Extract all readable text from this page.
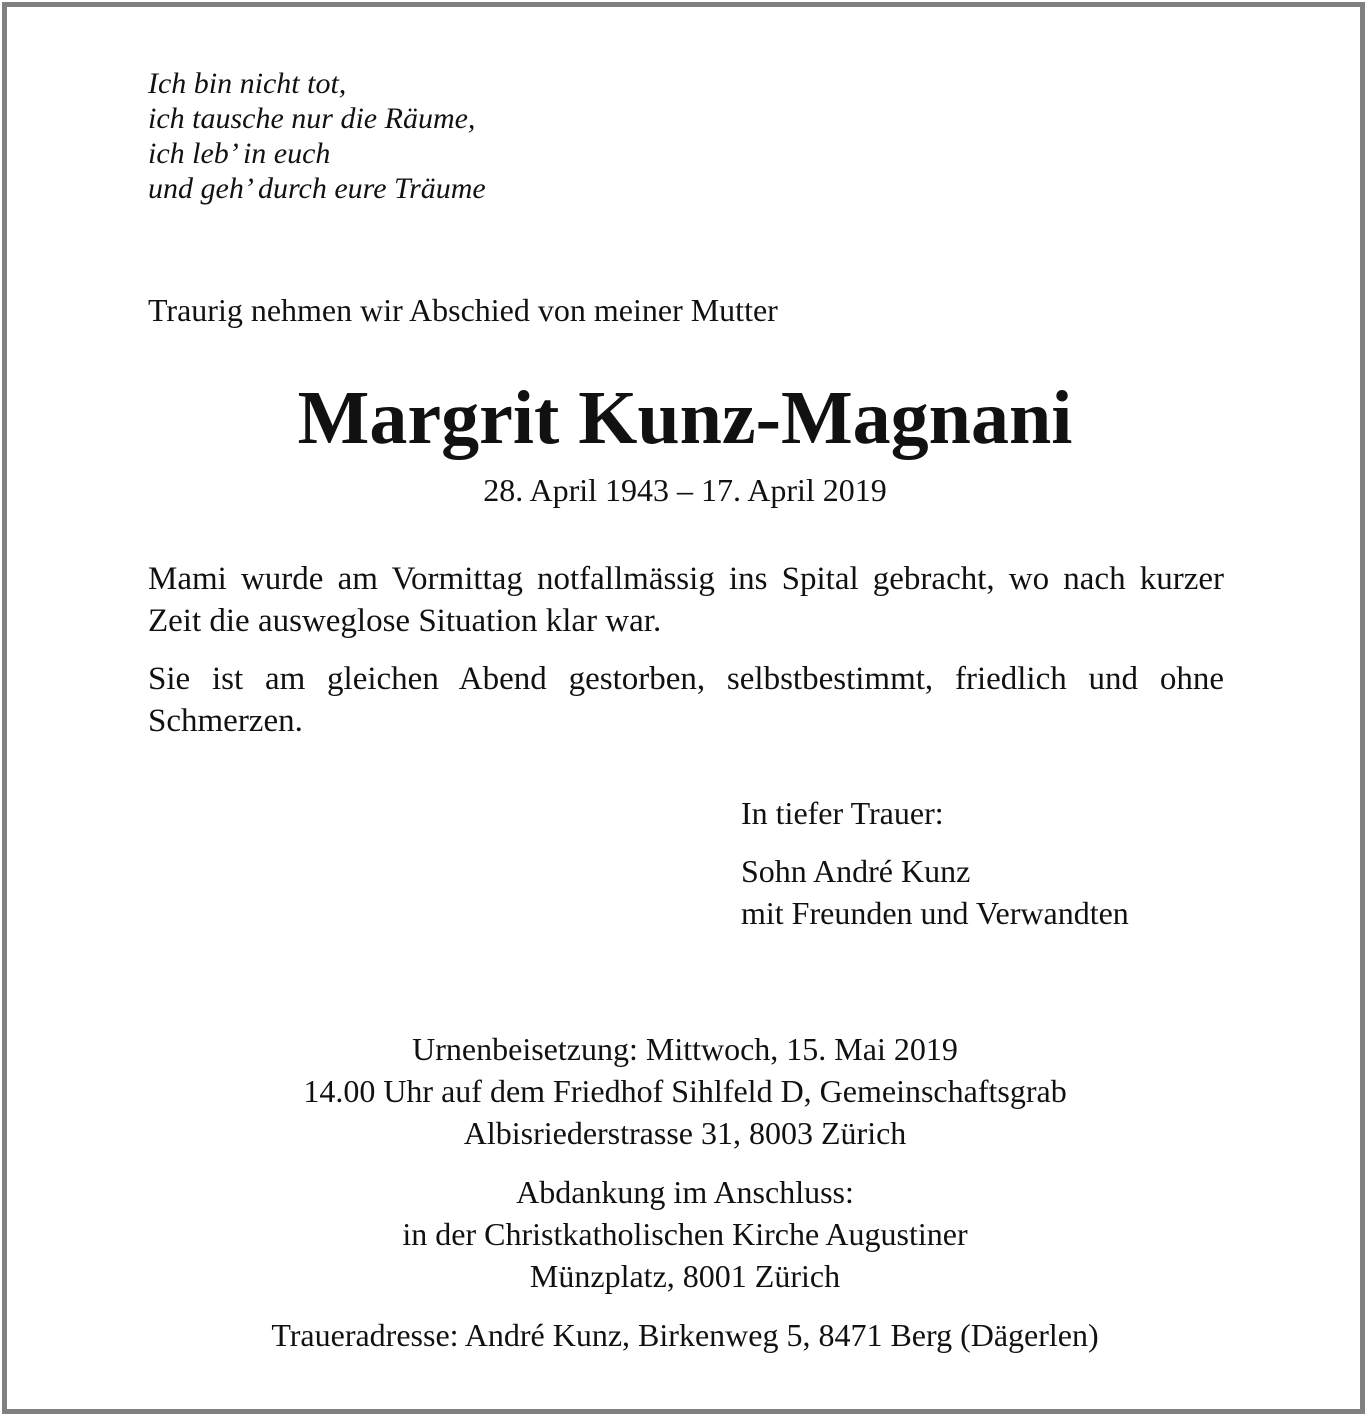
Ich bin nicht tot,
ich tausche nur die Räume,
ich leb’ in euch
und geh’ durch eure Träume
Traurig nehmen wir Abschied von meiner Mutter
Margrit Kunz-Magnani
28. April 1943 – 17. April 2019
Mami wurde am Vormittag notfallmässig ins Spital gebracht, wo nach kurzer Zeit die ausweglose Situation klar war.
Sie ist am gleichen Abend gestorben, selbstbestimmt, friedlich und ohne Schmerzen.
In tiefer Trauer:
Sohn André Kunz
mit Freunden und Verwandten
Urnenbeisetzung: Mittwoch, 15. Mai 2019
14.00 Uhr auf dem Friedhof Sihlfeld D, Gemeinschaftsgrab
Albisriederstrasse 31, 8003 Zürich
Abdankung im Anschluss:
in der Christkatholischen Kirche Augustiner
Münzplatz, 8001 Zürich
Traueradresse: André Kunz, Birkenweg 5, 8471 Berg (Dägerlen)
